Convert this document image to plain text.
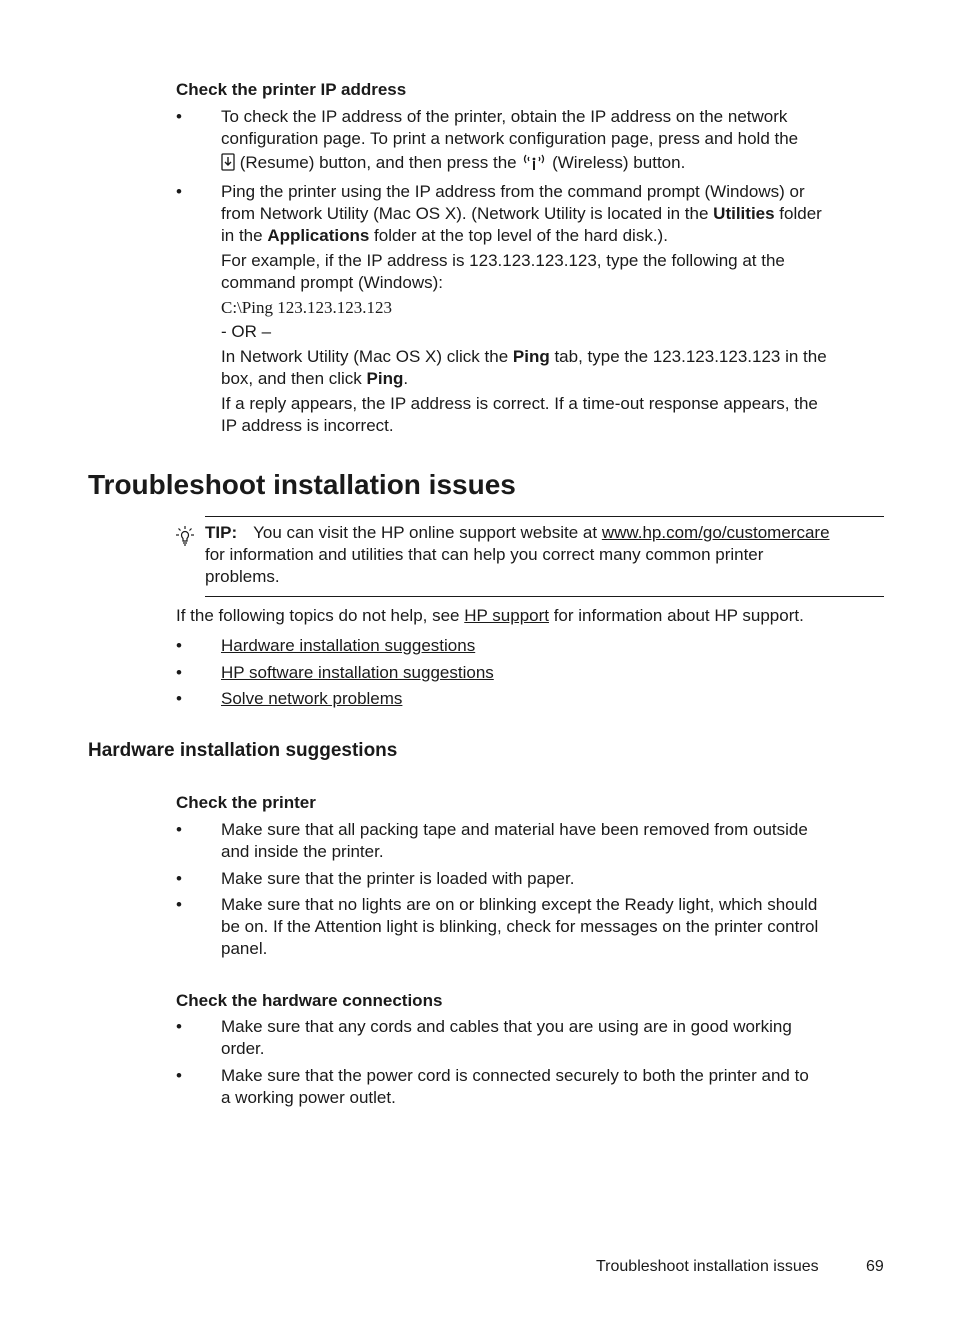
Check the printer IP address
• To check the IP address of the printer, obtain the IP address on the network
configuration page. To print a network configuration page, press and hold the
(Resume) button, and then press the (Wireless) button.
• Ping the printer using the IP address from the command prompt (Windows) or
from Network Utility (Mac OS X). (Network Utility is located in the Utilities folder
in the Applications folder at the top level of the hard disk.).
For example, if the IP address is 123.123.123.123, type the following at the
command prompt (Windows):
C:\Ping 123.123.123.123
- OR –
In Network Utility (Mac OS X) click the Ping tab, type the 123.123.123.123 in the
box, and then click Ping.
If a reply appears, the IP address is correct. If a time-out response appears, the
IP address is incorrect.
Troubleshoot installation issues
TIP: You can visit the HP online support website at www.hp.com/go/customercare
for information and utilities that can help you correct many common printer
problems.
If the following topics do not help, see HP support for information about HP support.
• Hardware installation suggestions
• HP software installation suggestions
• Solve network problems
Hardware installation suggestions
Check the printer
• Make sure that all packing tape and material have been removed from outside
and inside the printer.
• Make sure that the printer is loaded with paper.
• Make sure that no lights are on or blinking except the Ready light, which should
be on. If the Attention light is blinking, check for messages on the printer control
panel.
Check the hardware connections
• Make sure that any cords and cables that you are using are in good working
order.
• Make sure that the power cord is connected securely to both the printer and to
a working power outlet.
Troubleshoot installation issues	69
